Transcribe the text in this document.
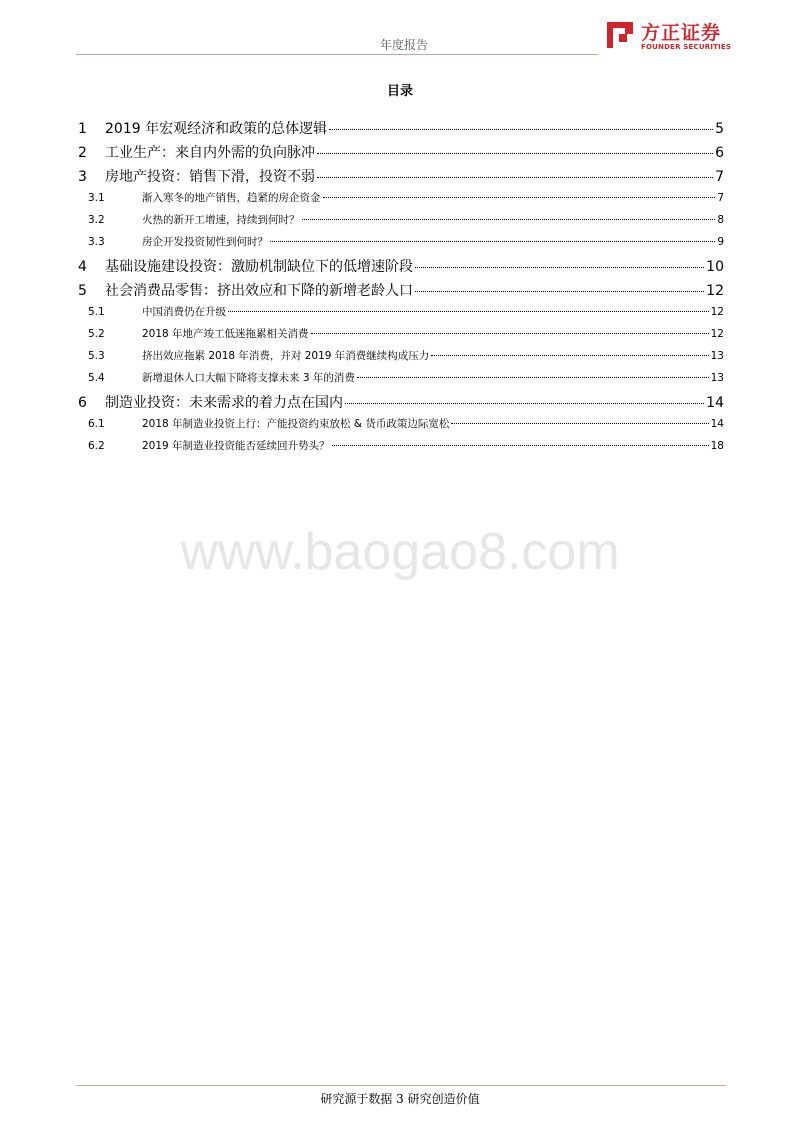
年度报告
方正证券
FOUNDER SECURITIES
目录
1	2019 年宏观经济和政策的总体逻辑	5
2	工业生产：来自内外需的负向脉冲	6
3	房地产投资：销售下滑，投资不弱	7
3.1	渐入寒冬的地产销售，趋紧的房企资金	7
3.2	火热的新开工增速，持续到何时？	8
3.3	房企开发投资韧性到何时？	9
4	基础设施建设投资：激励机制缺位下的低增速阶段	10
5	社会消费品零售：挤出效应和下降的新增老龄人口	12
5.1	中国消费仍在升级	12
5.2	2018 年地产竣工低迷拖累相关消费	12
5.3	挤出效应拖累 2018 年消费，并对 2019 年消费继续构成压力	13
5.4	新增退休人口大幅下降将支撑未来 3 年的消费	13
6	制造业投资：未来需求的着力点在国内	14
6.1	2018 年制造业投资上行：产能投资约束放松 & 货币政策边际宽松	14
6.2	2019 年制造业投资能否延续回升势头？	18
www.baogao8.com
研究源于数据 3 研究创造价值
